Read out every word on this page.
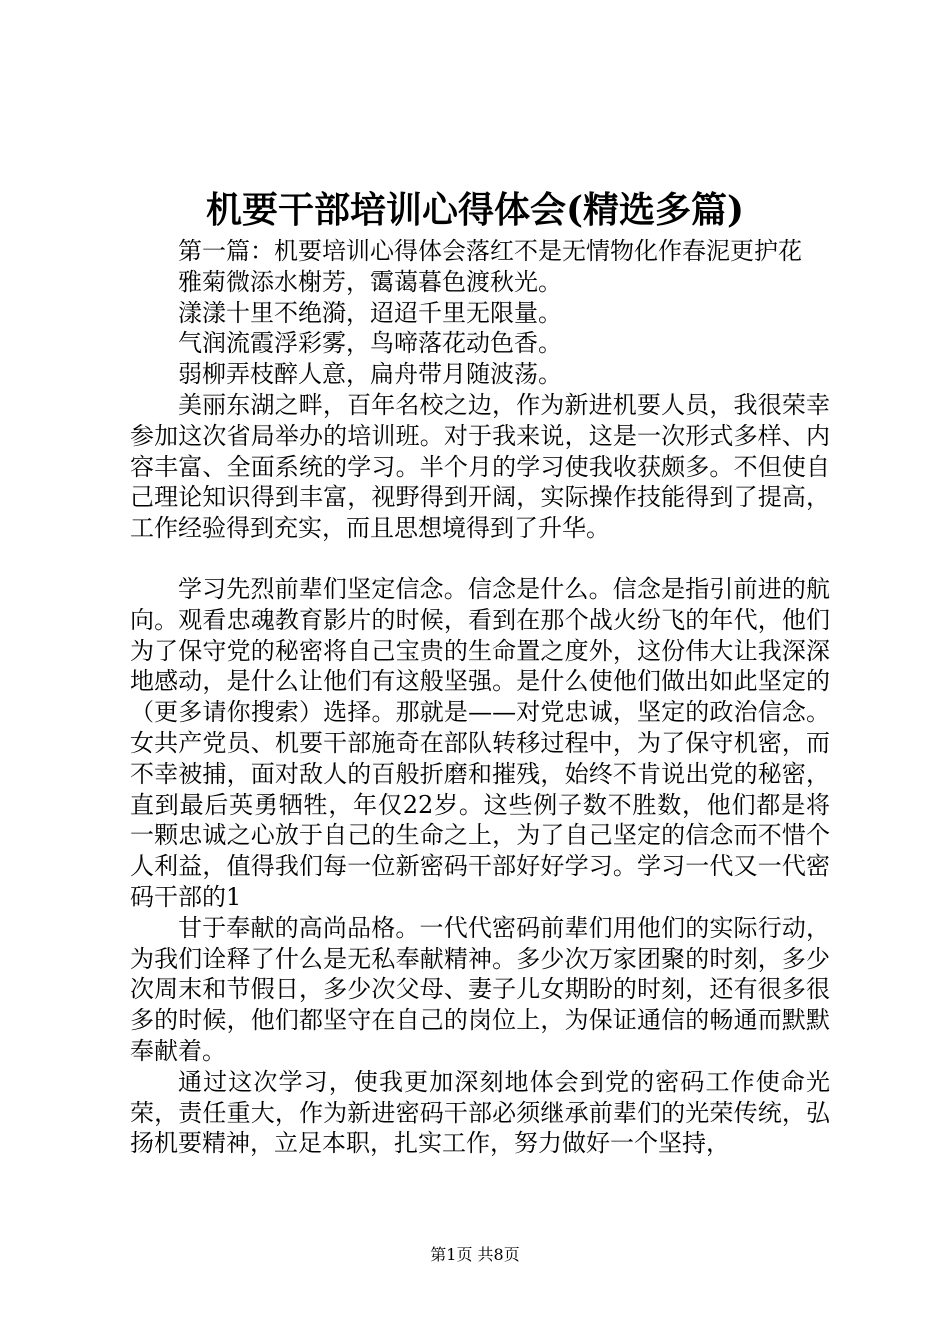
机要干部培训心得体会(精选多篇)

第一篇：机要培训心得体会落红不是无情物化作春泥更护花

雅菊微添水榭芳，霭蔼暮色渡秋光。

漾漾十里不绝漪，迢迢千里无限量。

气润流霞浮彩雾，鸟啼落花动色香。

弱柳弄枝醉人意，扁舟带月随波荡。

美丽东湖之畔，百年名校之边，作为新进机要人员，我很荣幸参加这次省局举办的培训班。对于我来说，这是一次形式多样、内容丰富、全面系统的学习。半个月的学习使我收获颇多。不但使自己理论知识得到丰富，视野得到开阔，实际操作技能得到了提高，工作经验得到充实，而且思想境得到了升华。

学习先烈前辈们坚定信念。信念是什么。信念是指引前进的航向。观看忠魂教育影片的时候，看到在那个战火纷飞的年代，他们为了保守党的秘密将自己宝贵的生命置之度外，这份伟大让我深深地感动，是什么让他们有这般坚强。是什么使他们做出如此坚定的（更多请你搜索）选择。那就是——对党忠诚，坚定的政治信念。女共产党员、机要干部施奇在部队转移过程中，为了保守机密，而不幸被捕，面对敌人的百般折磨和摧残，始终不肯说出党的秘密，直到最后英勇牺牲，年仅22岁。这些例子数不胜数，他们都是将一颗忠诚之心放于自己的生命之上，为了自己坚定的信念而不惜个人利益，值得我们每一位新密码干部好好学习。学习一代又一代密码干部的1

甘于奉献的高尚品格。一代代密码前辈们用他们的实际行动，为我们诠释了什么是无私奉献精神。多少次万家团聚的时刻，多少次周末和节假日，多少次父母、妻子儿女期盼的时刻，还有很多很多的时候，他们都坚守在自己的岗位上，为保证通信的畅通而默默奉献着。

通过这次学习，使我更加深刻地体会到党的密码工作使命光荣，责任重大，作为新进密码干部必须继承前辈们的光荣传统，弘扬机要精神，立足本职，扎实工作，努力做好一个坚持，

第1页 共8页
